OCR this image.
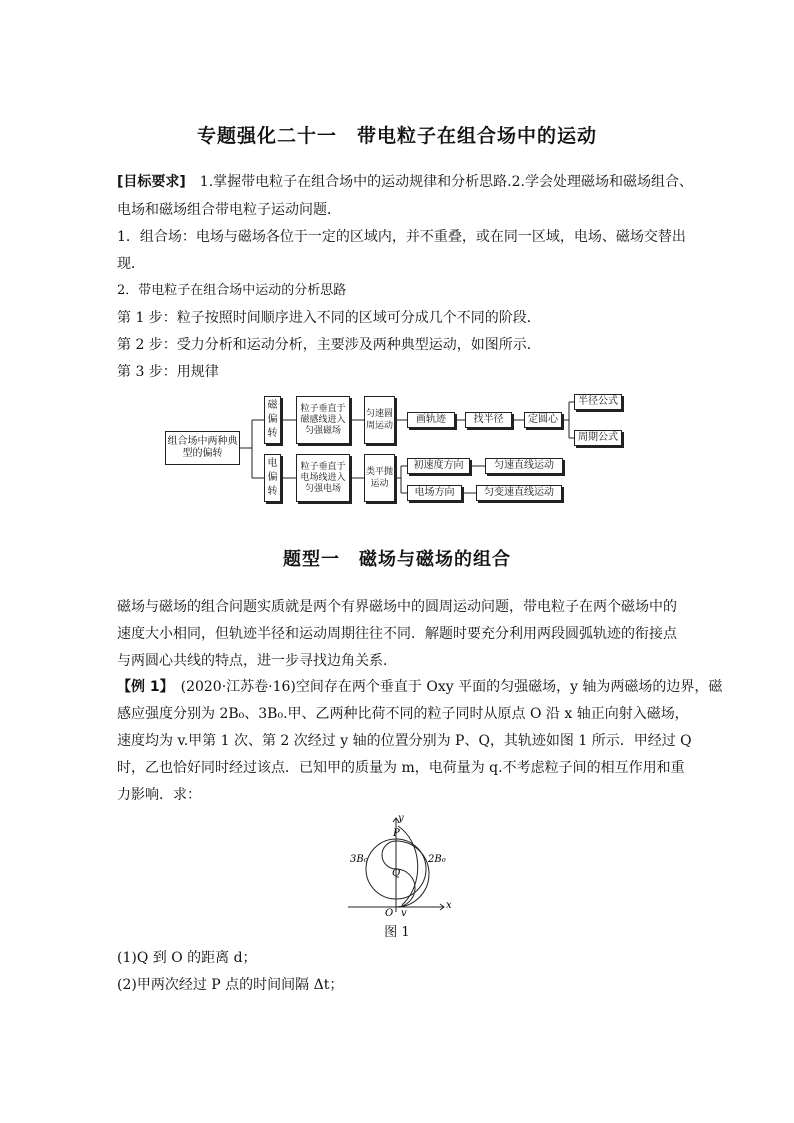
专题强化二十一　带电粒子在组合场中的运动
[目标要求]　1.掌握带电粒子在组合场中的运动规律和分析思路.2.学会处理磁场和磁场组合、
电场和磁场组合带电粒子运动问题．
1．组合场：电场与磁场各位于一定的区域内，并不重叠，或在同一区域，电场、磁场交替出
现．
2．带电粒子在组合场中运动的分析思路
第 1 步：粒子按照时间顺序进入不同的区域可分成几个不同的阶段．
第 2 步：受力分析和运动分析，主要涉及两种典型运动，如图所示．
第 3 步：用规律
组合场中两种典型的偏转
磁偏转
电偏转
粒子垂直于磁感线进入匀强磁场
粒子垂直于电场线进入匀强电场
匀速圆周运动
类平抛运动
画轨迹	找半径	定圆心
半径公式
周期公式
初速度方向	匀速直线运动
电场方向	匀变速直线运动
题型一　磁场与磁场的组合
磁场与磁场的组合问题实质就是两个有界磁场中的圆周运动问题，带电粒子在两个磁场中的
速度大小相同，但轨迹半径和运动周期往往不同．解题时要充分利用两段圆弧轨迹的衔接点
与两圆心共线的特点，进一步寻找边角关系．
【例 1】　(2020·江苏卷·16)空间存在两个垂直于 Oxy 平面的匀强磁场，y 轴为两磁场的边界，磁
感应强度分别为 2B₀、3B₀.甲、乙两种比荷不同的粒子同时从原点 O 沿 x 轴正向射入磁场，
速度均为 v.甲第 1 次、第 2 次经过 y 轴的位置分别为 P、Q，其轨迹如图 1 所示．甲经过 Q
时，乙也恰好同时经过该点．已知甲的质量为 m，电荷量为 q.不考虑粒子间的相互作用和重
力影响．求：
y
x
P
Q
O v
3B₀	2B₀
图 1
(1)Q 到 O 的距离 d；
(2)甲两次经过 P 点的时间间隔 Δt；
